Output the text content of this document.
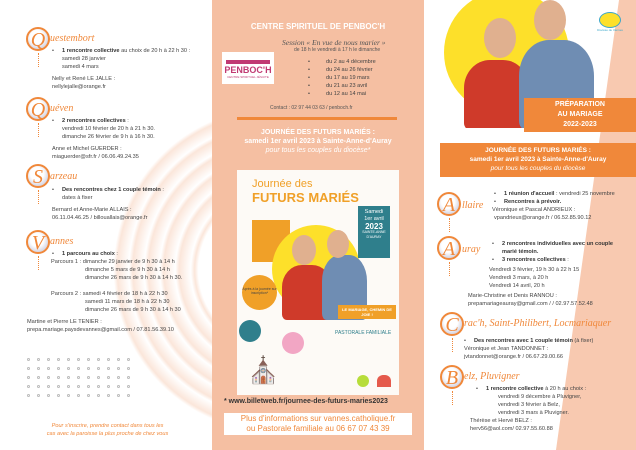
Q uestembort
• 1 rencontre collective au choix de 20 h à 22 h 30 :
samedi 28 janvier
samedi 4 mars
Nelly et René LE JALLE :
nellylejalle@orange.fr
Q uéven
• 2 rencontres collectives :
vendredi 10 février de 20 h à 21 h 30.
dimanche 26 février de 9 h à 16 h 30.
Anne et Michel GUERDER :
miaguerder@sfr.fr / 06.06.49.24.35
S arzeau
• Des rencontres chez 1 couple témoin :
dates à fixer
Bernard et Anne-Marie ALLAIS :
06.11.04.46.25 / billouallais@orange.fr
V annes
• 1 parcours au choix :
Parcours 1 : dimanche 29 janvier de 9 h 30 à 14 h
dimanche 5 mars de 9 h 30 à 14 h
dimanche 26 mars de 9 h 30 à 14 h 30.
Parcours 2 : samedi 4 février de 18 h à 22 h 30
samedi 11 mars de 18 h à 22 h 30
dimanche 26 mars de 9 h 30 à 14 h 30
Martine et Pierre LE TENIER :
prepa.mariage.paysdevannes@gmail.com / 07.81.56.39.10
Pour s'inscrire, prendre contact dans tous les
cas avec la paroisse la plus proche de chez vous
CENTRE SPIRITUEL DE PENBOC'H
Session « En vue de nous marier »
de 18 h le vendredi à 17 h le dimanche
PENBOC'H
CENTRE SPIRITUEL JÉSUITE
• du 2 au 4 décembre
• du 24 au 26 février
• du 17 au 19 mars
• du 21 au 23 avril
• du 12 au 14 mai
Contact : 02 97 44 03 63 / penboch.fr
JOURNÉE DES FUTURS MARIÉS :
samedi 1er avril 2023 à Sainte-Anne-d'Auray
pour tous les couples du diocèse*
Journée des
FUTURS MARIÉS
Samedi
1er avril
2023
SAINTE-ANNE D'AURAY
Après à la journée sur inscription*
LE MARIAGE, CHEMIN DE JOIE !
PASTORALE FAMILIALE
⛪
* www.billetweb.fr/journee-des-futurs-maries2023
Plus d'informations sur vannes.catholique.fr
ou Pastorale familiale au 06 67 07 43 39
Diocèse de Vannes
PRÉPARATION
AU MARIAGE
2022-2023
JOURNÉE DES FUTURS MARIÉS :
samedi 1er avril 2023 à Sainte-Anne-d'Auray
pour tous les couples du diocèse
A llaire
• 1 réunion d'accueil : vendredi 25 novembre
• Rencontres à prévoir.
Véronique et Pascal ANDRIEUX :
vpandrieux@orange.fr / 06.52.85.90.12
A uray	• 2 rencontres individuelles avec un couple marié témoin.
• 3 rencontres collectives :
Vendredi 3 février, 19 h 30 à 22 h 15
Vendredi 3 mars, à 20 h
Vendredi 14 avril, 20 h
Marie-Christine et Denis RANNOU :
prepamariageauray@gmail.com / / 02.97.57.52.48
C rac'h, Saint-Philibert, Locmariaquer
• Des rencontres avec 1 couple témoin (à fixer)
Véronique et Jean TANDONNET :
jvtandonnet@orange.fr / 06.67.29.00.66
B elz, Pluvigner
• 1 rencontre collective à 20 h au choix :
vendredi 9 décembre à Pluvigner,
vendredi 3 février à Belz,
vendredi 3 mars à Pluvigner.
Thérèse et Hervé BELZ :
herv56@aol.com/ 02.97.55.60.88
